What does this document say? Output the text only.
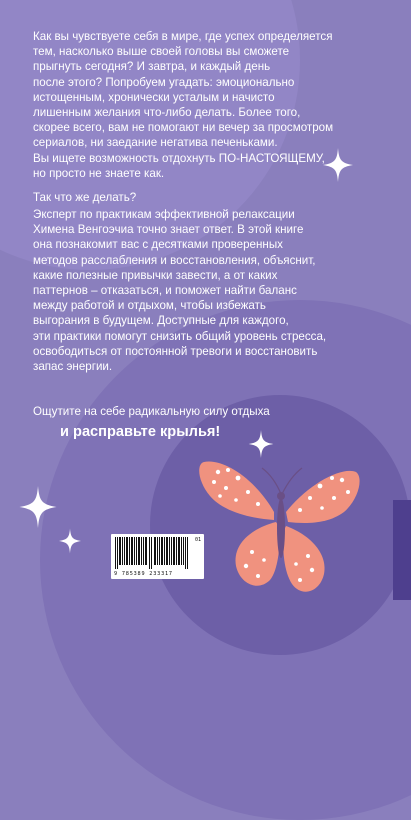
Как вы чувствуете себя в мире, где успех определяется
тем, насколько выше своей головы вы сможете
прыгнуть сегодня? И завтра, и каждый день
после этого? Попробуем угадать: эмоционально
истощенным, хронически усталым и начисто
лишенным желания что-либо делать. Более того,
скорее всего, вам не помогают ни вечер за просмотром
сериалов, ни заедание негатива печеньками.
Вы ищете возможность отдохнуть ПО-НАСТОЯЩЕМУ,
но просто не знаете как.
Так что же делать?
Эксперт по практикам эффективной релаксации
Химена Венгоэчиа точно знает ответ. В этой книге
она познакомит вас с десятками проверенных
методов расслабления и восстановления, объяснит,
какие полезные привычки завести, а от каких
паттернов – отказаться, и поможет найти баланс
между работой и отдыхом, чтобы избежать
выгорания в будущем. Доступные для каждого,
эти практики помогут снизить общий уровень стресса,
освободиться от постоянной тревоги и восстановить
запас энергии.
Ощутите на себе радикальную силу отдыха
и расправьте крылья!
01
9 785389 233317
